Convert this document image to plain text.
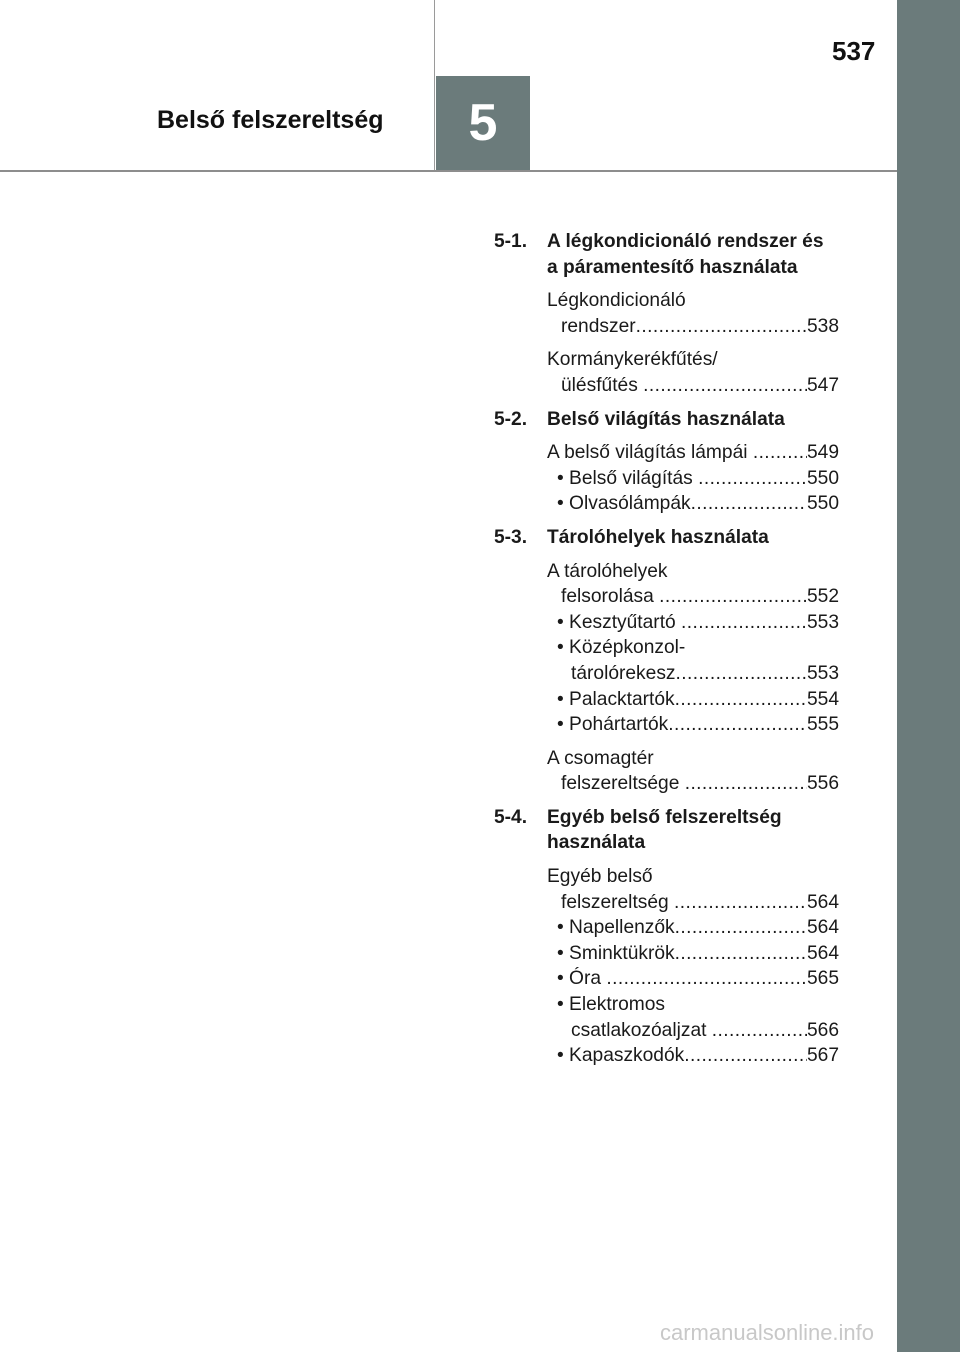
5
Belső felszereltség
537
5-1.	A légkondicionáló rendszer és a páramentesítő használata
Légkondicionáló
rendszer .....	538
Kormánykerékfűtés/
ülésfűtés .....	547
5-2.	Belső világítás használata
A belső világítás lámpái .....	549
• Belső világítás .....	550
• Olvasólámpák .....	550
5-3.	Tárolóhelyek használata
A tárolóhelyek
felsorolása .....	552
• Kesztyűtartó .....	553
• Középkonzol-
tárolórekesz .....	553
• Palacktartók .....	554
• Pohártartók .....	555
A csomagtér
felszereltsége .....	556
5-4.	Egyéb belső felszereltség használata
Egyéb belső
felszereltség .....	564
• Napellenzők .....	564
• Sminktükrök .....	564
• Óra .....	565
• Elektromos
csatlakozóaljzat .....	566
• Kapaszkodók .....	567
carmanualsonline.info
